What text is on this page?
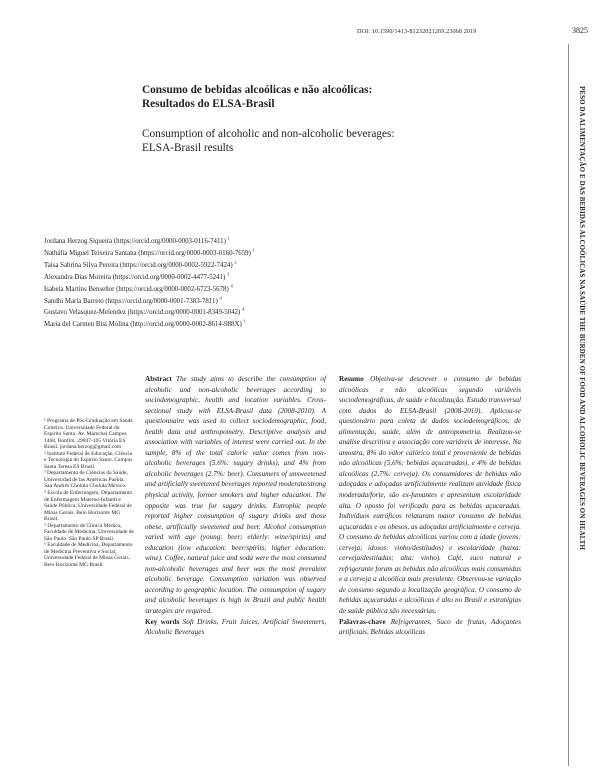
DOI: 10.1590/1413-81232021269.23068 2019	3825
PESO DA ALIMENTAÇÃO E DAS BEBIDAS ALCOÓLICAS NA SAÚDE THE BURDEN OF FOOD AND ALCOHOLIC BEVERAGES ON HEALTH
Consumo de bebidas alcoólicas e não alcoólicas:
Resultados do ELSA-Brasil
Consumption of alcoholic and non-alcoholic beverages:
ELSA-Brasil results
Jordana Herzog Siqueira (https://orcid.org/0000-0003-0116-7411) $^1$
Nathália Miguel Teixeira Santana (https://orcid.org/0000-0003-0160-7659) $^1$
Taísa Sabrina Silva Pereira (https://orcid.org/0000-0002-5922-7424) $^2$
Alexandra Dias Moreira (https://orcid.org/0000-0002-4477-5241) $^3$
Isabela Martins Benseñor (https://orcid.org/0000-0002-6723-5678) $^4$
Sandhi Maria Barreto (https://orcid.org/0000-0001-7383-7811) $^4$
Gustavo Velasquez-Melendez (https://orcid.org/0000-0001-8349-5042) $^4$
Maria del Carmen Bisi Molina (http://orcid.org/0000-0002-8614-988X) $^1$

¹ Programa de Pós-Graduação em Saúde Coletiva. Universidade Federal do Espírito Santo. Av. Marechal Campos 1468, Bonfim. 29047-105 Vitória ES Brasil. jordana.herzog@gmail.com

² Instituto Federal de Educação, Ciência e Tecnologia do Espírito Santo. Campus Santa Teresa ES Brasil.

³ Departamento de Ciências da Saúde, Universidad de las Américas Puebla. San Andrés Cholula Cholula México.

⁴ Escola de Enfermagem, Departamento de Enfermagem Materno-Infantil e Saúde Pública, Universidade Federal de Minas Gerais. Belo Horizonte MG Brasil.

⁵ Departamento de Clínica Médica, Faculdade de Medicina, Universidade de São Paulo. São Paulo SP Brasil.

⁶ Faculdade de Medicina, Departamento de Medicina Preventiva e Social, Universidade Federal de Minas Gerais. Belo Horizonte MG Brasil.

Abstract The study aims to describe the consumption of alcoholic and non-alcoholic beverages according to sociodemographic, health and location variables. Cross-sectional study with ELSA-Brasil data (2008-2010). A questionnaire was used to collect sociodemographic, food, health data and anthropometry. Descriptive analysis and association with variables of interest were carried out. In the sample, 8% of the total caloric value comes from non-alcoholic beverages (5.6%: sugary drinks), and 4% from alcoholic beverages (2.7%: beer). Consumers of unsweetened and artificially sweetened beverages reported moderate/strong physical activity, former smokers and higher education. The opposite was true for sugary drinks. Eutrophic people reported higher consumption of sugary drinks and those obese, artificially sweetened and beer. Alcohol consumption varied with age (young: beer; elderly: wine/spirits) and education (low education: beer/spirits; higher education: wine). Coffee, natural juice and soda were the most consumed non-alcoholic beverages and beer was the most prevalent alcoholic beverage. Consumption variation was observed according to geographic location. The consumption of sugary and alcoholic beverages is high in Brazil and public health strategies are required.

Key words Soft Drinks, Fruit Juices, Artificial Sweeteners, Alcoholic Beverages

Resumo Objetiva-se descrever o consumo de bebidas alcoólicas e não alcoólicas segundo variáveis sociodemográficas, de saúde e localização. Estudo transversal com dados do ELSA-Brasil (2008-2010). Aplicou-se questionário para coleta de dados sociodemográficos, de alimentação, saúde, além de antropometria. Realizou-se análise descritiva e associação com variáveis de interesse. Na amostra, 8% do valor calórico total é proveniente de bebidas não alcoólicas (5,6%: bebidas açucaradas), e 4% de bebidas alcoólicas (2,7%: cerveja). Os consumidores de bebidas não adoçadas e adoçadas artificialmente realizam atividade física moderada/forte, são ex-fumantes e apresentam escolaridade alta. O oposto foi verificado para as bebidas açucaradas. Indivíduos eutróficos relataram maior consumo de bebidas açucaradas e os obesos, as adoçadas artificialmente e cerveja. O consumo de bebidas alcoólicas variou com a idade (jovens: cerveja; idosos: vinho/destilados) e escolaridade (baixa: cerveja/destiladas; alta: vinho). Café, suco natural e refrigerante foram as bebidas não alcoólicas mais consumidas e a cerveja a alcoólica mais prevalente. Observou-se variação de consumo segundo a localização geográfica. O consumo de bebidas açucaradas e alcoólicas é alto no Brasil e estratégias de saúde pública são necessárias.

Palavras-chave Refrigerantes, Suco de frutas, Adoçantes artificiais, Bebidas alcoólicas
